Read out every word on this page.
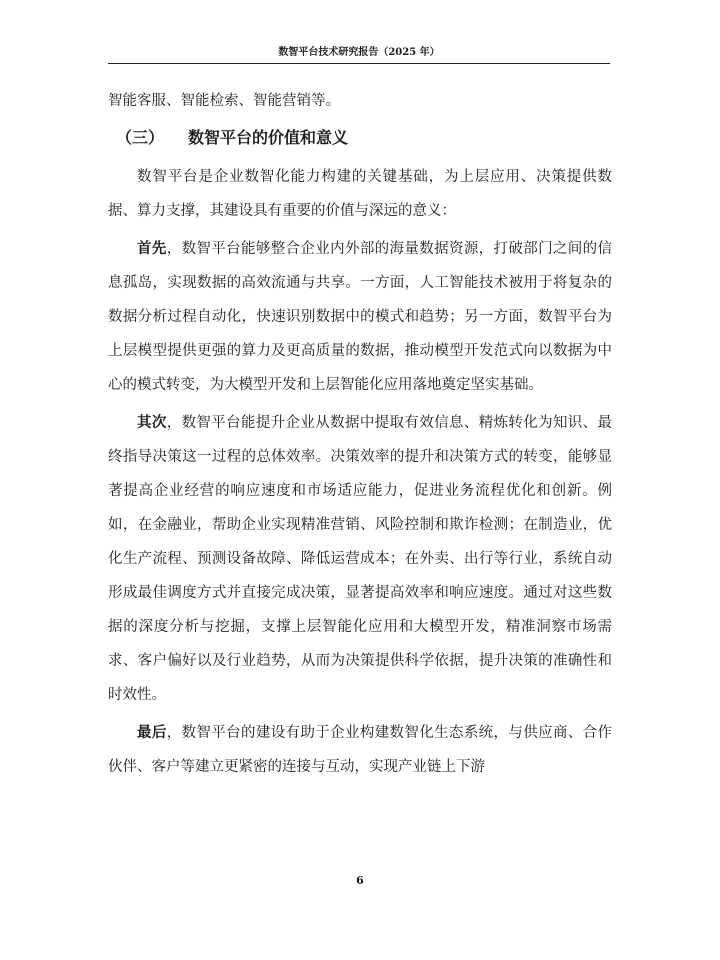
数智平台技术研究报告（2025 年）

智能客服、智能检索、智能营销等。

（三） 数智平台的价值和意义

数智平台是企业数智化能力构建的关键基础，为上层应用、决策提供数据、算力支撑，其建设具有重要的价值与深远的意义：

首先，数智平台能够整合企业内外部的海量数据资源，打破部门之间的信息孤岛，实现数据的高效流通与共享。一方面，人工智能技术被用于将复杂的数据分析过程自动化，快速识别数据中的模式和趋势；另一方面，数智平台为上层模型提供更强的算力及更高质量的数据，推动模型开发范式向以数据为中心的模式转变，为大模型开发和上层智能化应用落地奠定坚实基础。

其次，数智平台能提升企业从数据中提取有效信息、精炼转化为知识、最终指导决策这一过程的总体效率。决策效率的提升和决策方式的转变，能够显著提高企业经营的响应速度和市场适应能力，促进业务流程优化和创新。例如，在金融业，帮助企业实现精准营销、风险控制和欺诈检测；在制造业，优化生产流程、预测设备故障、降低运营成本；在外卖、出行等行业，系统自动形成最佳调度方式并直接完成决策，显著提高效率和响应速度。通过对这些数据的深度分析与挖掘，支撑上层智能化应用和大模型开发，精准洞察市场需求、客户偏好以及行业趋势，从而为决策提供科学依据，提升决策的准确性和时效性。

最后，数智平台的建设有助于企业构建数智化生态系统，与供应商、合作伙伴、客户等建立更紧密的连接与互动，实现产业链上下游

6
